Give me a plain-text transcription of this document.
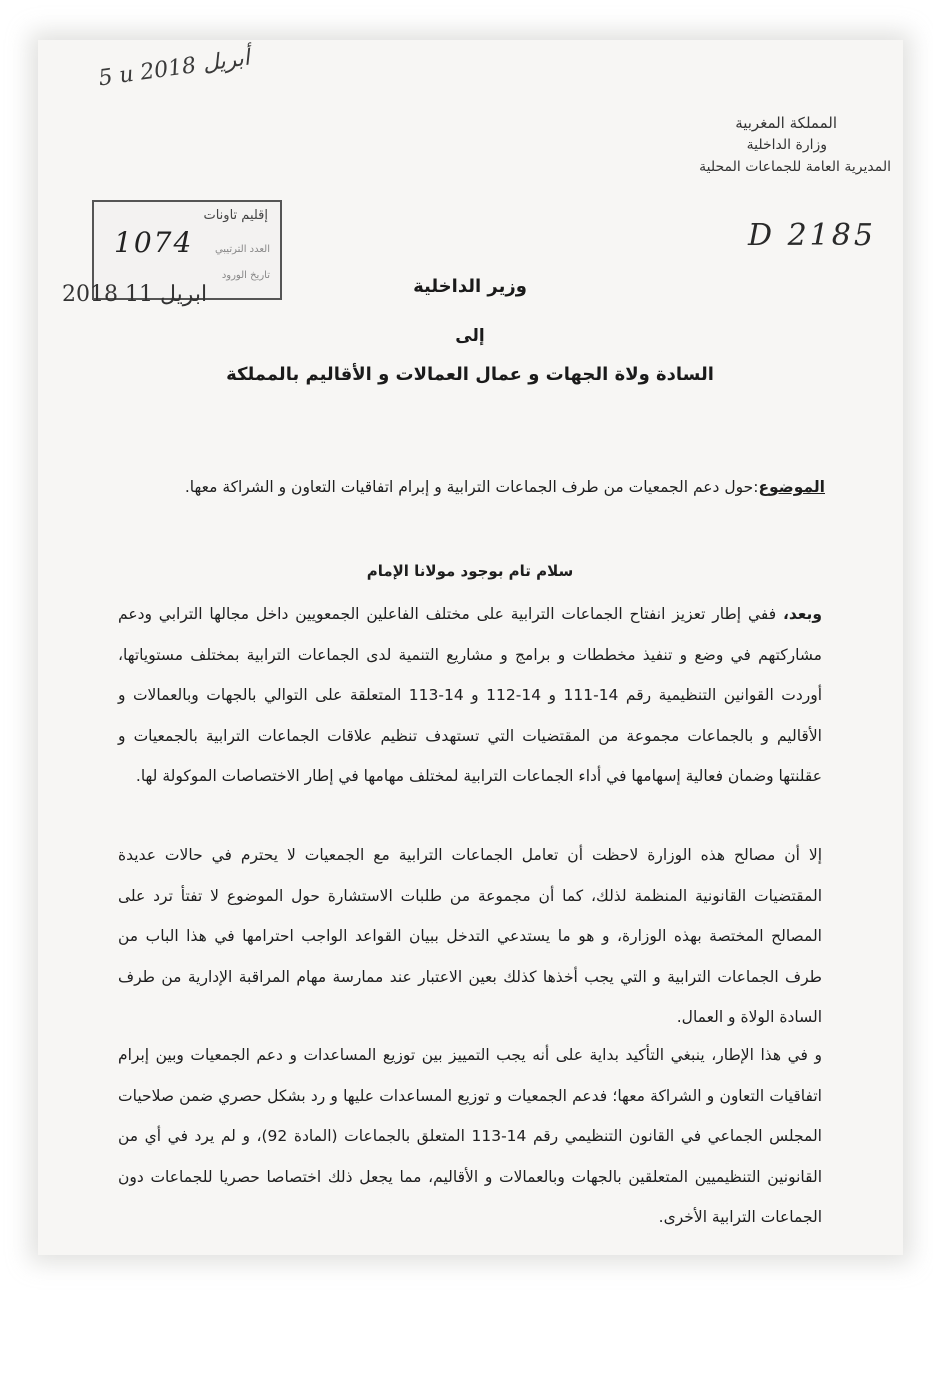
5 u أبريل 2018
المملكة المغربية
وزارة الداخلية
المديرية العامة للجماعات المحلية
D 2185
إقليم تاونات
العدد الترتيبي
تاريخ الورود
1074
2018 ابريل 11	وزير الداخلية
إلى
السادة ولاة الجهات و عمال العمالات و الأقاليم بالمملكة
الموضوع:حول دعم الجمعيات من طرف الجماعات الترابية و إبرام اتفاقيات التعاون و الشراكة معها.
سلام تام بوجود مولانا الإمام
وبعد، ففي إطار تعزيز انفتاح الجماعات الترابية على مختلف الفاعلين الجمعويين داخل مجالها الترابي ودعم مشاركتهم في وضع و تنفيذ مخططات و برامج و مشاريع التنمية لدى الجماعات الترابية بمختلف مستوياتها، أوردت القوانين التنظيمية رقم 14-111 و 14-112 و 14-113 المتعلقة على التوالي بالجهات وبالعمالات و الأقاليم و بالجماعات مجموعة من المقتضيات التي تستهدف تنظيم علاقات الجماعات الترابية بالجمعيات و عقلنتها وضمان فعالية إسهامها في أداء الجماعات الترابية لمختلف مهامها في إطار الاختصاصات الموكولة لها.
إلا أن مصالح هذه الوزارة لاحظت أن تعامل الجماعات الترابية مع الجمعيات لا يحترم في حالات عديدة المقتضيات القانونية المنظمة لذلك، كما أن مجموعة من طلبات الاستشارة حول الموضوع لا تفتأ ترد على المصالح المختصة بهذه الوزارة، و هو ما يستدعي التدخل ببيان القواعد الواجب احترامها في هذا الباب من طرف الجماعات الترابية و التي يجب أخذها كذلك بعين الاعتبار عند ممارسة مهام المراقبة الإدارية من طرف السادة الولاة و العمال.
و في هذا الإطار، ينبغي التأكيد بداية على أنه يجب التمييز بين توزيع المساعدات و دعم الجمعيات وبين إبرام اتفاقيات التعاون و الشراكة معها؛ فدعم الجمعيات و توزيع المساعدات عليها و رد بشكل حصري ضمن صلاحيات المجلس الجماعي في القانون التنظيمي رقم 14-113 المتعلق بالجماعات (المادة 92)، و لم يرد في أي من القانونين التنظيميين المتعلقين بالجهات وبالعمالات و الأقاليم، مما يجعل ذلك اختصاصا حصريا للجماعات دون الجماعات الترابية الأخرى.
